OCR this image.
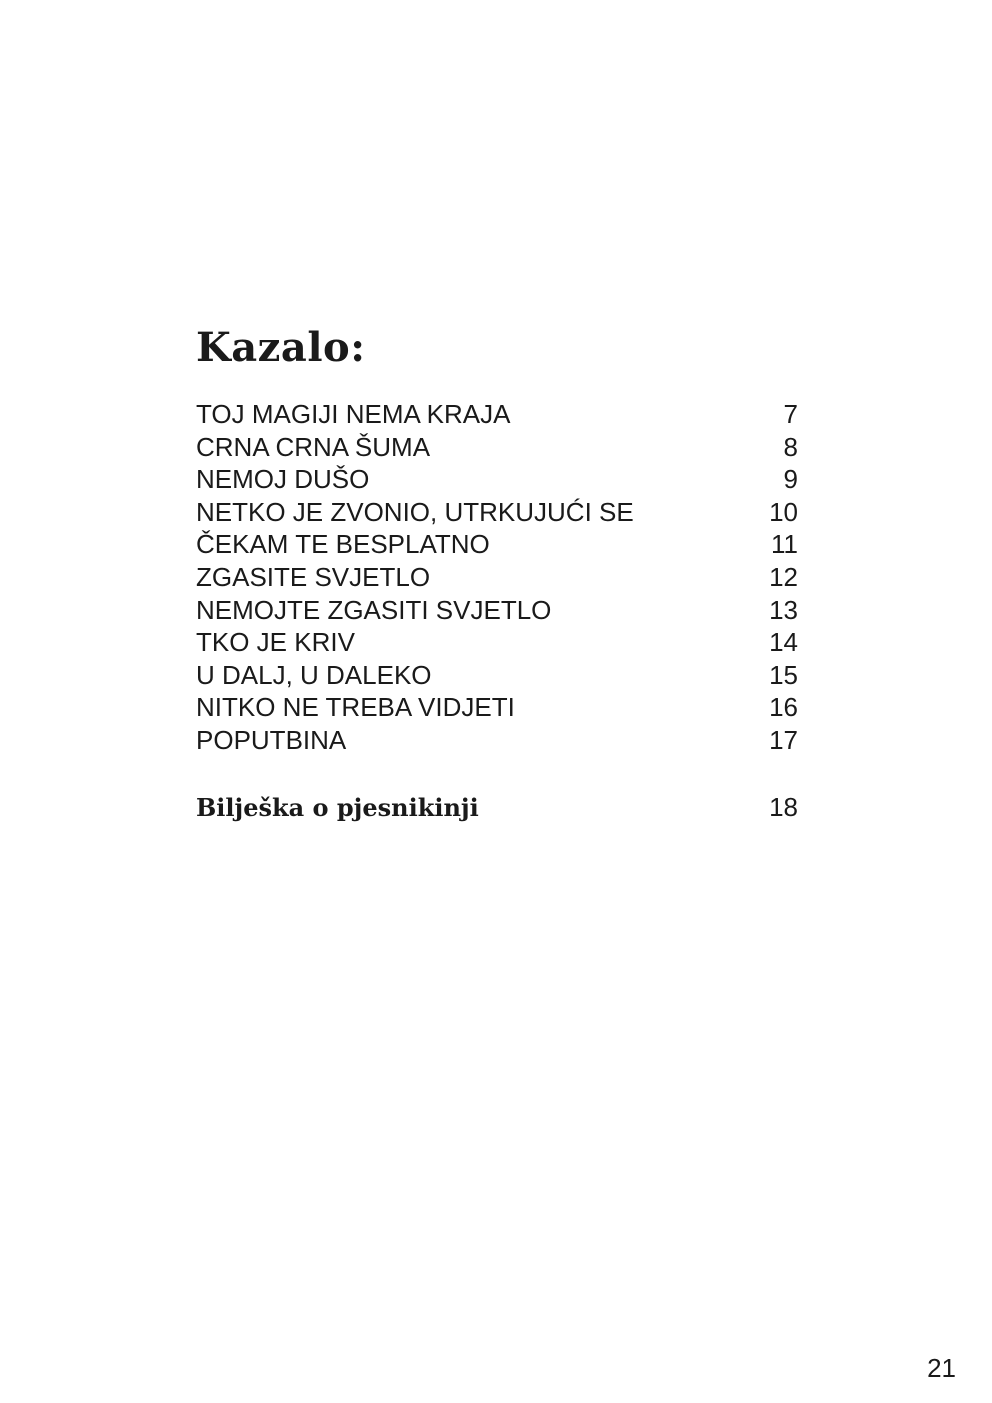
Kazalo:
TOJ MAGIJI NEMA KRAJA	7
CRNA CRNA ŠUMA	8
NEMOJ DUŠO	9
NETKO JE ZVONIO, UTRKUJUĆI SE	10
ČEKAM TE BESPLATNO	11
ZGASITE SVJETLO	12
NEMOJTE ZGASITI SVJETLO	13
TKO JE KRIV	14
U DALJ, U DALEKO	15
NITKO NE TREBA VIDJETI	16
POPUTBINA	17
Bilješka o pjesnikinji	18
21
